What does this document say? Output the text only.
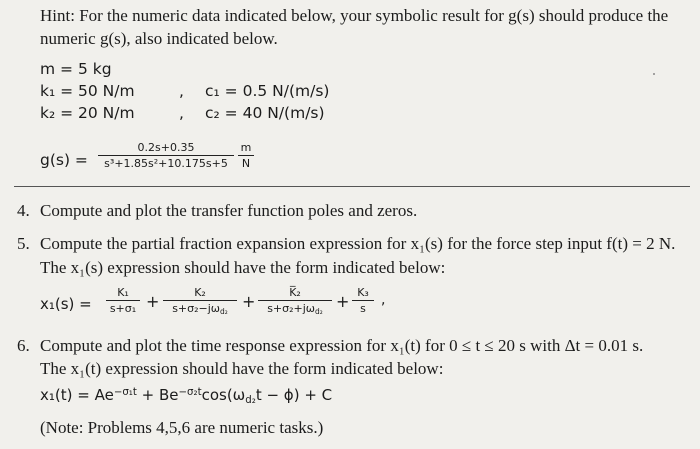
Hint: For the numeric data indicated below, your symbolic result for g(s) should produce the
numeric g(s), also indicated below.
m = 5 kg
k₁ = 50 N/m
k₂ = 20 N/m
,
,
c₁ = 0.5 N/(m/s)
c₂ = 40 N/(m/s)
$g(s) = \frac{0.2s+0.35}{\text{s³+1.85s²+10.175s+5}} \frac{m}{N}$
4. Compute and plot the transfer function poles and zeros.
5. Compute the partial fraction expansion expression for x₁(s) for the force step input f(t) = 2 N.
The x₁(s) expression should have the form indicated below:
$x_1(s) = \frac{\text{K₁}}{\text{s+σ₁}}$ +	K₂
$s+\sigma_2-j\omega_{d_2}$
+	K̅₂
$s+\sigma_2+j\omega_{d_2}$
+ $\frac{\text{K₃}}{s}$ ,
6. Compute and plot the time response expression for x₁(t) for 0 ≤ t ≤ 20 s with Δt = 0.01 s.
The x₁(t) expression should have the form indicated below:
$x_1(t) = Ae^{-\sigma_1t} + Be^{-\sigma_2t}\cos(\omega_{d_2}t - \phi) + C$
(Note: Problems 4,5,6 are numeric tasks.)
